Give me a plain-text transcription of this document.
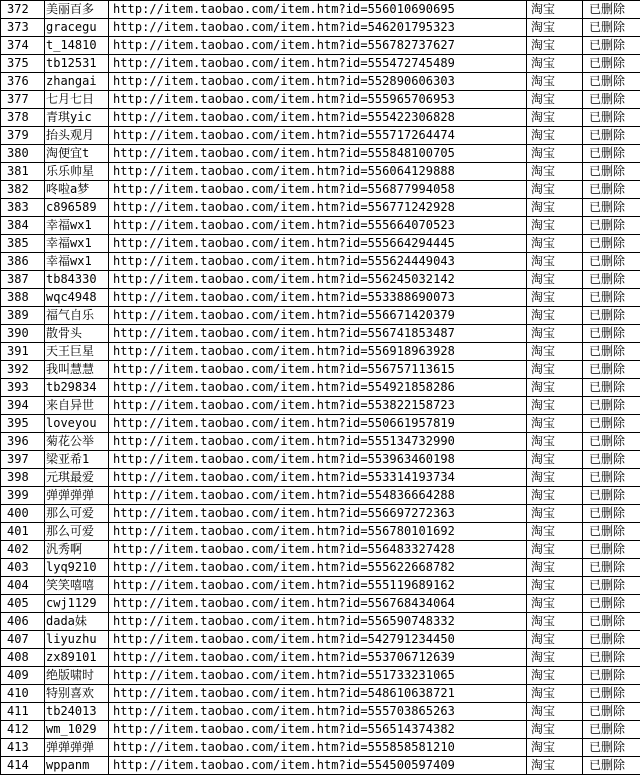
372	美丽百多	http://item.taobao.com/item.htm?id=556010690695	淘宝	已删除
373	gracegu	http://item.taobao.com/item.htm?id=546201795323	淘宝	已删除
374	t_14810	http://item.taobao.com/item.htm?id=556782737627	淘宝	已删除
375	tb12531	http://item.taobao.com/item.htm?id=555472745489	淘宝	已删除
376	zhangai	http://item.taobao.com/item.htm?id=552890606303	淘宝	已删除
377	七月七日	http://item.taobao.com/item.htm?id=555965706953	淘宝	已删除
378	青琪yic	http://item.taobao.com/item.htm?id=555422306828	淘宝	已删除
379	抬头观月	http://item.taobao.com/item.htm?id=555717264474	淘宝	已删除
380	淘便宜t	http://item.taobao.com/item.htm?id=555848100705	淘宝	已删除
381	乐乐帅星	http://item.taobao.com/item.htm?id=556064129888	淘宝	已删除
382	咚啦a梦	http://item.taobao.com/item.htm?id=556877994058	淘宝	已删除
383	c896589	http://item.taobao.com/item.htm?id=556771242928	淘宝	已删除
384	幸福wx1	http://item.taobao.com/item.htm?id=555664070523	淘宝	已删除
385	幸福wx1	http://item.taobao.com/item.htm?id=555664294445	淘宝	已删除
386	幸福wx1	http://item.taobao.com/item.htm?id=555624449043	淘宝	已删除
387	tb84330	http://item.taobao.com/item.htm?id=556245032142	淘宝	已删除
388	wqc4948	http://item.taobao.com/item.htm?id=553388690073	淘宝	已删除
389	福气自乐	http://item.taobao.com/item.htm?id=556671420379	淘宝	已删除
390	散骨头	http://item.taobao.com/item.htm?id=556741853487	淘宝	已删除
391	天王巨星	http://item.taobao.com/item.htm?id=556918963928	淘宝	已删除
392	我叫慧慧	http://item.taobao.com/item.htm?id=556757113615	淘宝	已删除
393	tb29834	http://item.taobao.com/item.htm?id=554921858286	淘宝	已删除
394	来自异世	http://item.taobao.com/item.htm?id=553822158723	淘宝	已删除
395	loveyou	http://item.taobao.com/item.htm?id=550661957819	淘宝	已删除
396	菊花公举	http://item.taobao.com/item.htm?id=555134732990	淘宝	已删除
397	梁亚希1	http://item.taobao.com/item.htm?id=553963460198	淘宝	已删除
398	元琪最爱	http://item.taobao.com/item.htm?id=553314193734	淘宝	已删除
399	弹弹弹弹	http://item.taobao.com/item.htm?id=554836664288	淘宝	已删除
400	那么可爱	http://item.taobao.com/item.htm?id=556697272363	淘宝	已删除
401	那么可爱	http://item.taobao.com/item.htm?id=556780101692	淘宝	已删除
402	汎秀啊	http://item.taobao.com/item.htm?id=556483327428	淘宝	已删除
403	lyq9210	http://item.taobao.com/item.htm?id=555622668782	淘宝	已删除
404	笑笑嘻嘻	http://item.taobao.com/item.htm?id=555119689162	淘宝	已删除
405	cwj1129	http://item.taobao.com/item.htm?id=556768434064	淘宝	已删除
406	dada妹	http://item.taobao.com/item.htm?id=556590748332	淘宝	已删除
407	liyuzhu	http://item.taobao.com/item.htm?id=542791234450	淘宝	已删除
408	zx89101	http://item.taobao.com/item.htm?id=553706712639	淘宝	已删除
409	绝版啸时	http://item.taobao.com/item.htm?id=551733231065	淘宝	已删除
410	特别喜欢	http://item.taobao.com/item.htm?id=548610638721	淘宝	已删除
411	tb24013	http://item.taobao.com/item.htm?id=555703865263	淘宝	已删除
412	wm_1029	http://item.taobao.com/item.htm?id=556514374382	淘宝	已删除
413	弹弹弹弹	http://item.taobao.com/item.htm?id=555858581210	淘宝	已删除
414	wppanm	http://item.taobao.com/item.htm?id=554500597409	淘宝	已删除
